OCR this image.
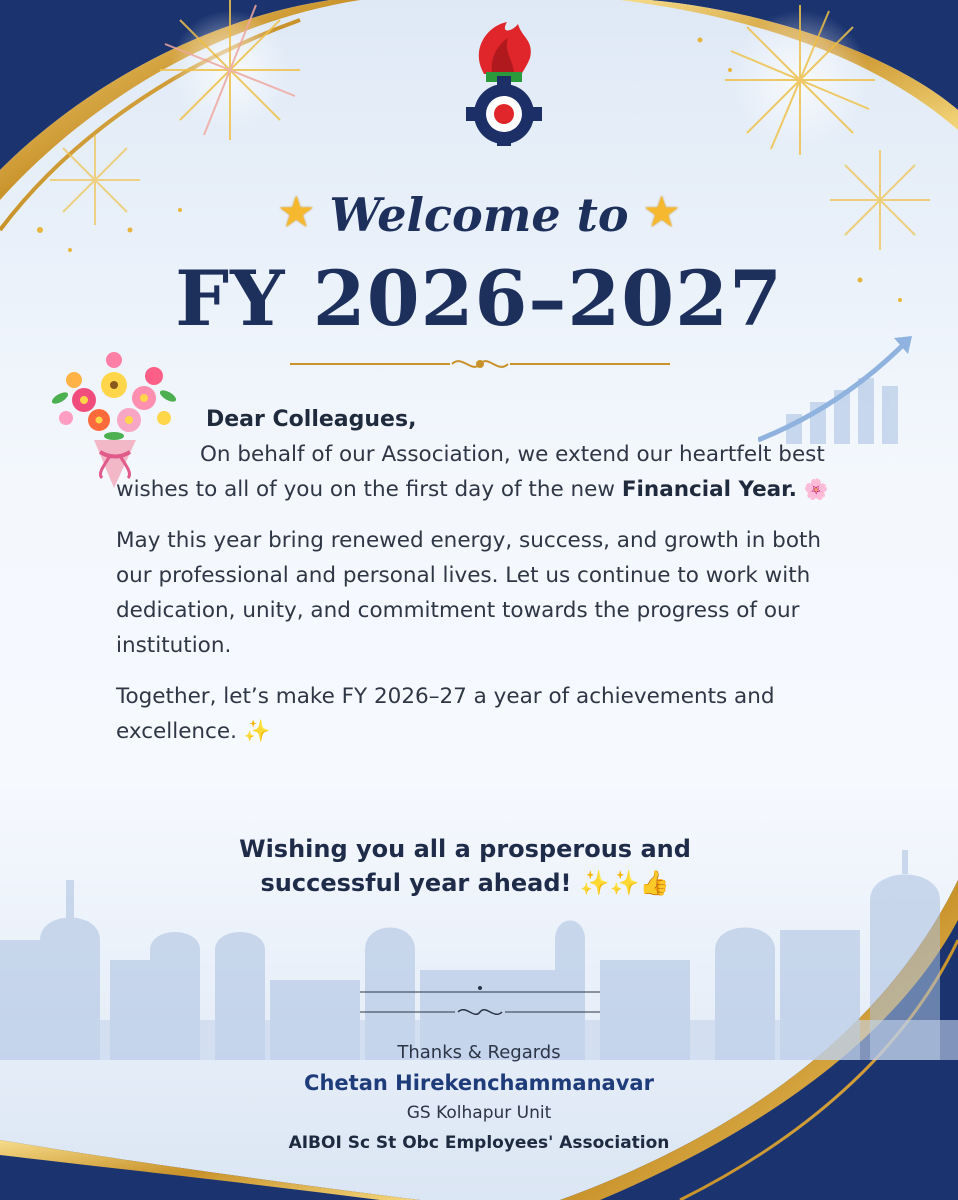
★ Welcome to ★
FY 2026–2027
Dear Colleagues,

On behalf of our Association, we extend our heartfelt best wishes to all of you on the first day of the new Financial Year. 🌸

May this year bring renewed energy, success, and growth in both our professional and personal lives. Let us continue to work with dedication, unity, and commitment towards the progress of our institution.

Together, let’s make FY 2026–27 a year of achievements and excellence. ✨

Wishing you all a prosperous and
successful year ahead! ✨✨👍
Thanks & Regards
Chetan Hirekenchammanavar
GS Kolhapur Unit
AIBOI Sc St Obc Employees' Association
